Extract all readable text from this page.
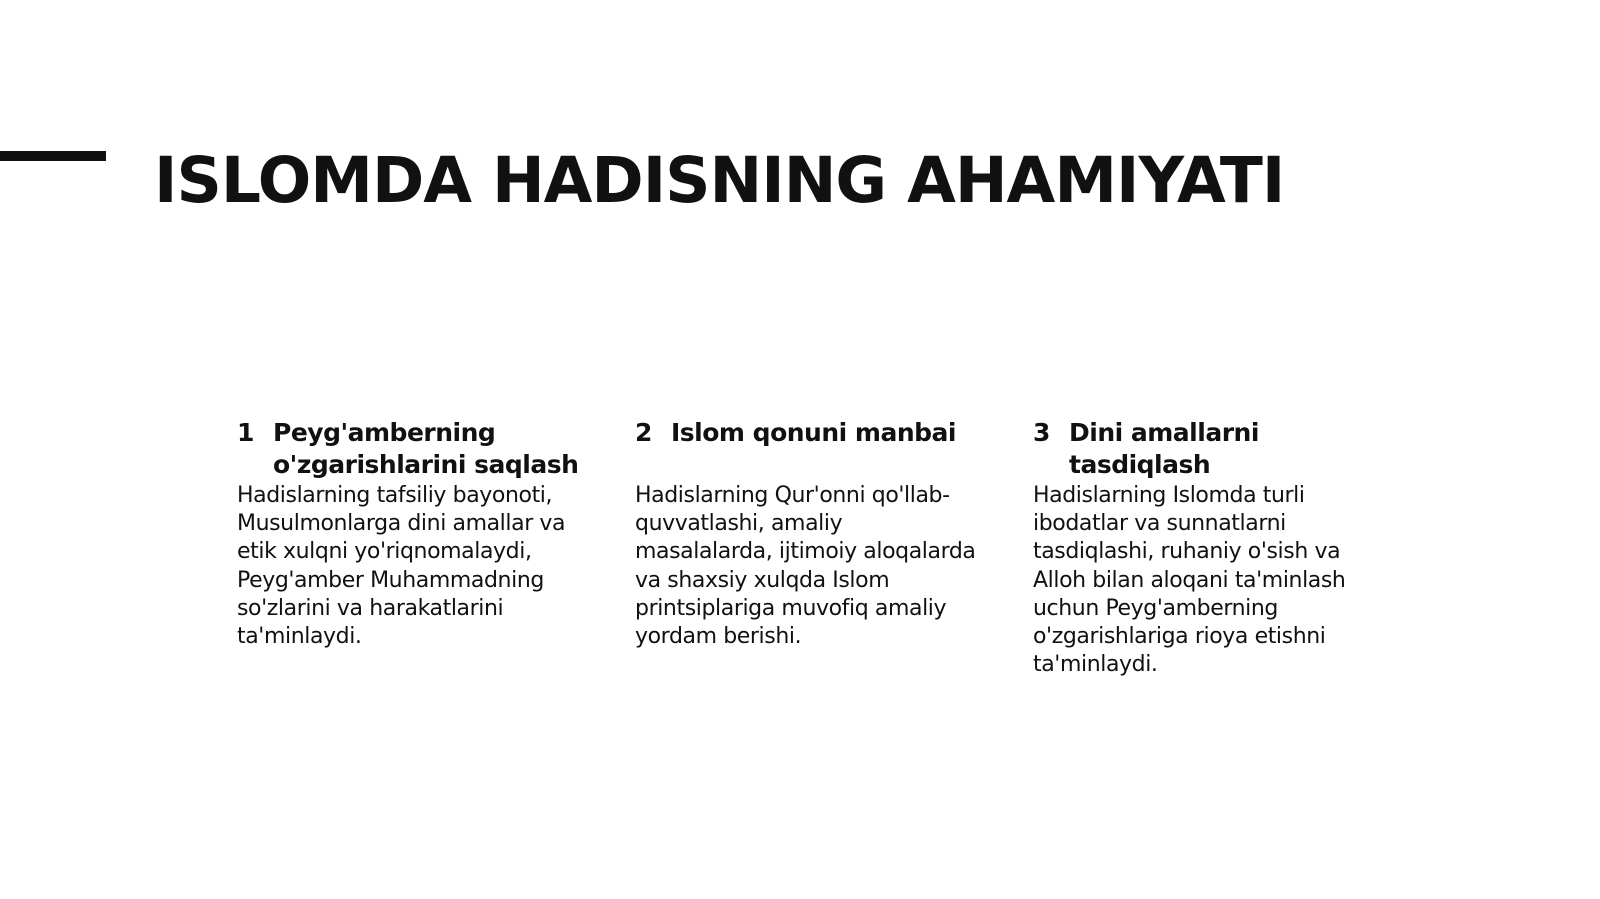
ISLOMDA HADISNING AHAMIYATI
1 Peyg'amberning o'zgarishlarini saqlash
Hadislarning tafsiliy bayonoti, Musulmonlarga dini amallar va etik xulqni yo'riqnomalaydi, Peyg'amber Muhammadning so'zlarini va harakatlarini ta'minlaydi.
2 Islom qonuni manbai
Hadislarning Qur'onni qo'llab-quvvatlashi, amaliy masalalarda, ijtimoiy aloqalarda va shaxsiy xulqda Islom printsiplariga muvofiq amaliy yordam berishi.
3 Dini amallarni tasdiqlash
Hadislarning Islomda turli ibodatlar va sunnatlarni tasdiqlashi, ruhaniy o'sish va Alloh bilan aloqani ta'minlash uchun Peyg'amberning o'zgarishlariga rioya etishni ta'minlaydi.
